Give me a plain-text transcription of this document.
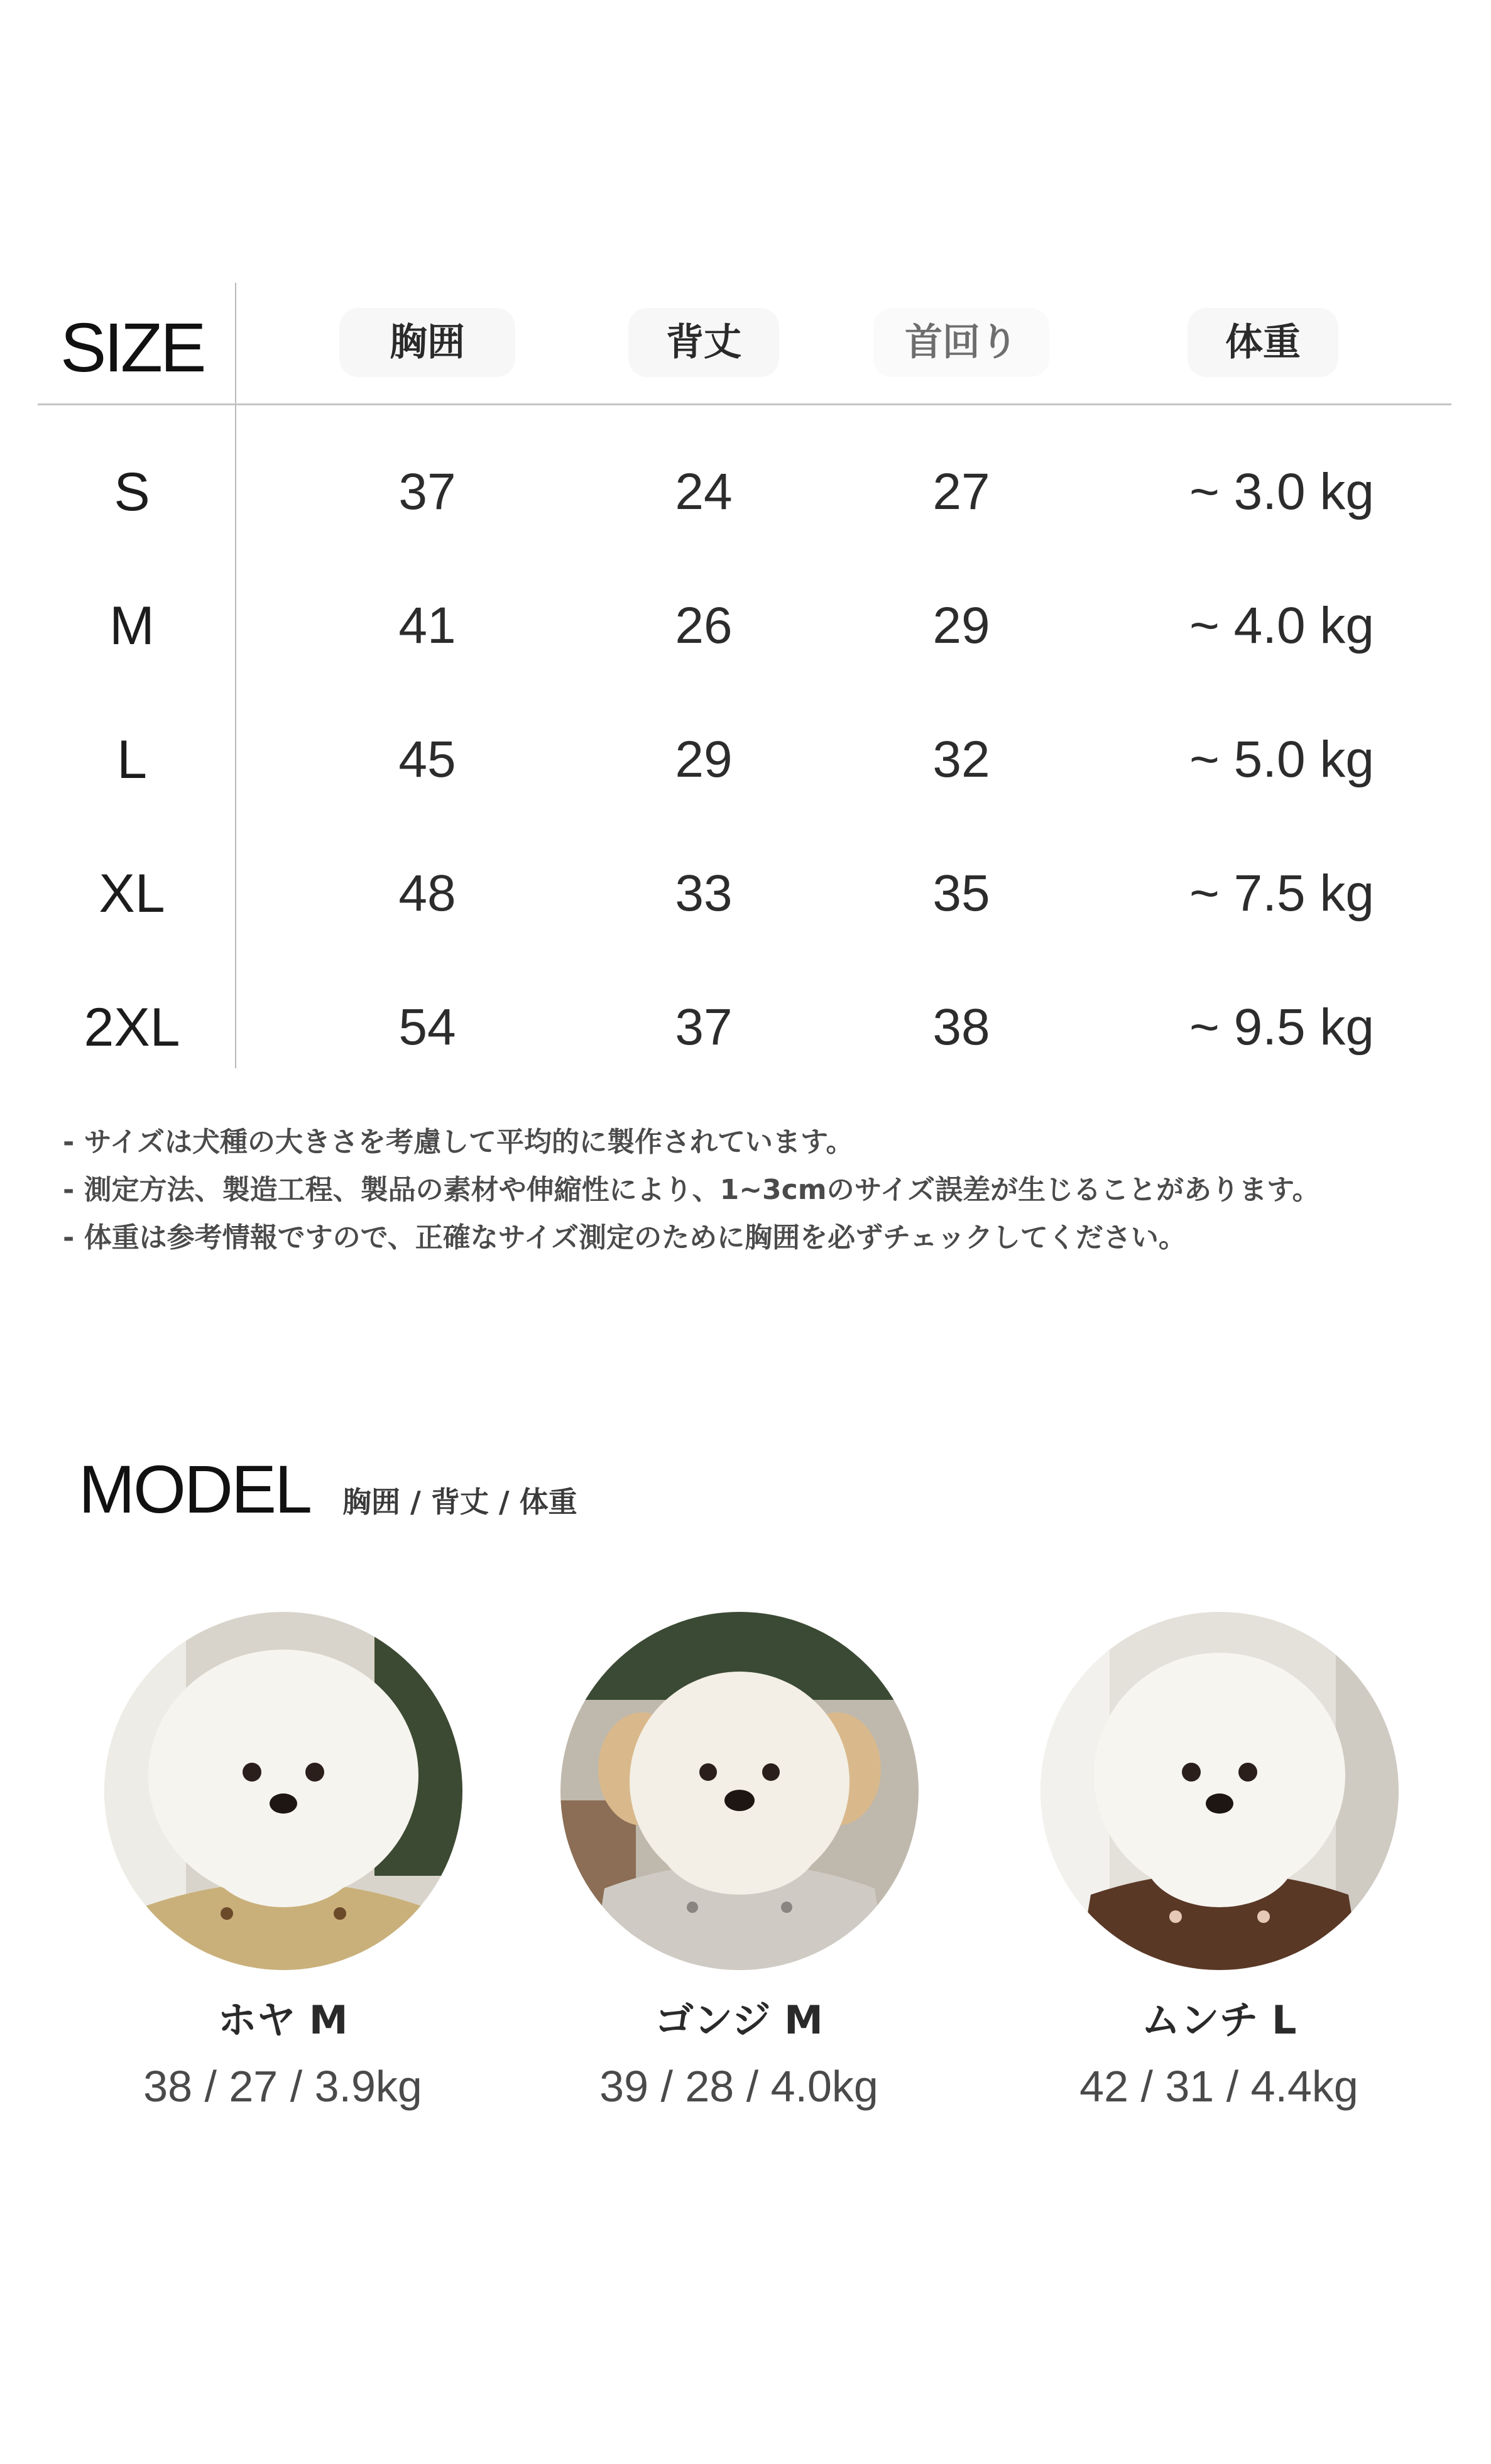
SIZE	胸囲	背丈	首回り	体重
S	37	24	27	~ 3.0 kg
M	41	26	29	~ 4.0 kg
L	45	29	32	~ 5.0 kg
XL	48	33	35	~ 7.5 kg
2XL	54	37	38	~ 9.5 kg
- サイズは犬種の大きさを考慮して平均的に製作されています。
- 測定方法、製造工程、製品の素材や伸縮性により、1~3cmのサイズ誤差が生じることがあります。
- 体重は参考情報ですので、正確なサイズ測定のために胸囲を必ずチェックしてください。
MODEL 胸囲 / 背丈 / 体重
ホヤ M
38 / 27 / 3.9kg
ゴンジ M
39 / 28 / 4.0kg
ムンチ L
42 / 31 / 4.4kg
